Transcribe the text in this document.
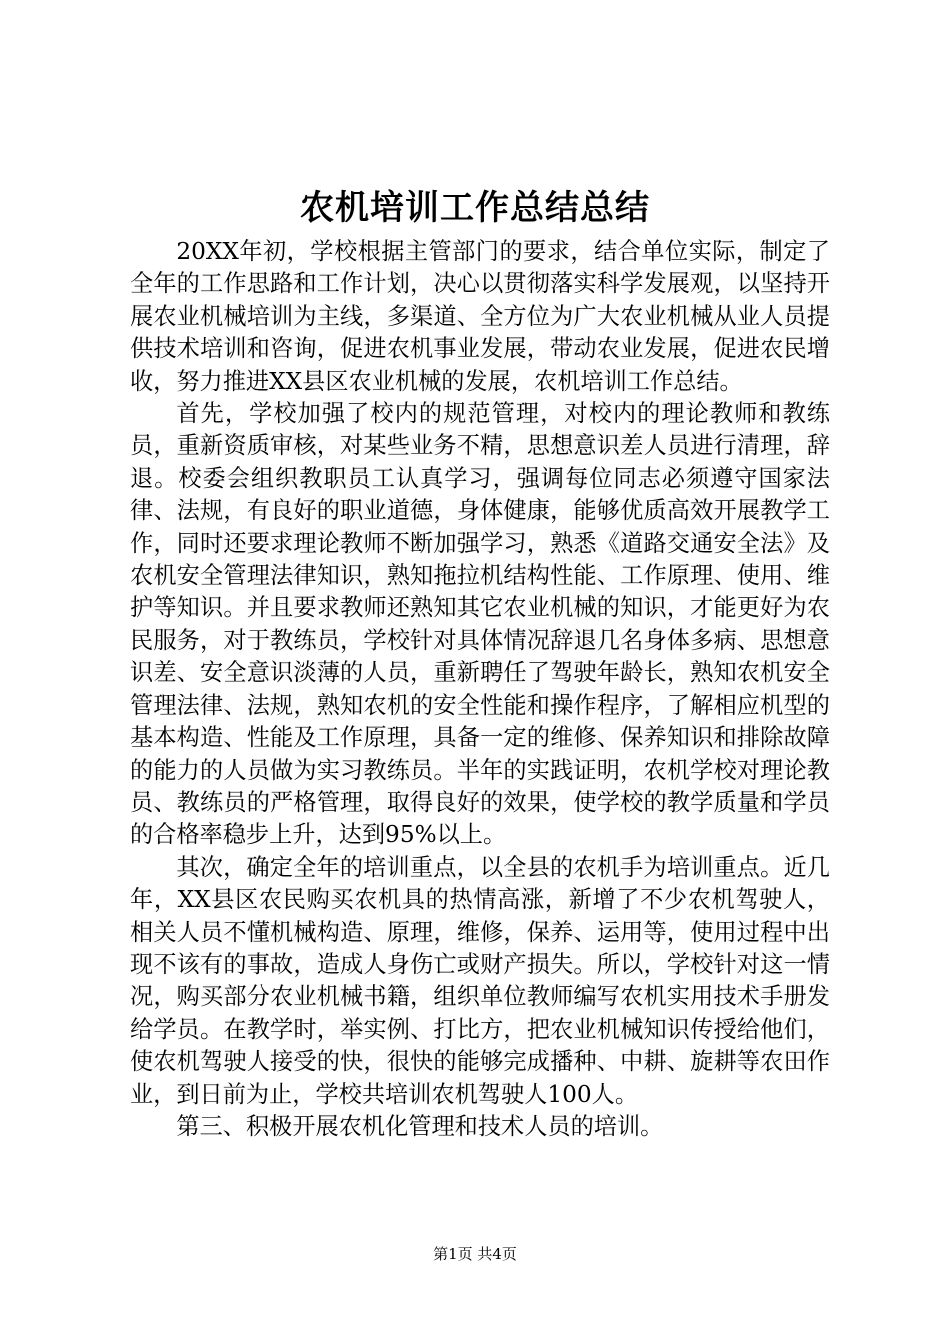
农机培训工作总结总结

20XX年初，学校根据主管部门的要求，结合单位实际，制定了全年的工作思路和工作计划，决心以贯彻落实科学发展观，以坚持开展农业机械培训为主线，多渠道、全方位为广大农业机械从业人员提供技术培训和咨询，促进农机事业发展，带动农业发展，促进农民增收，努力推进XX县区农业机械的发展，农机培训工作总结。

首先，学校加强了校内的规范管理，对校内的理论教师和教练员，重新资质审核，对某些业务不精，思想意识差人员进行清理，辞退。校委会组织教职员工认真学习，强调每位同志必须遵守国家法律、法规，有良好的职业道德，身体健康，能够优质高效开展教学工作，同时还要求理论教师不断加强学习，熟悉《道路交通安全法》及农机安全管理法律知识，熟知拖拉机结构性能、工作原理、使用、维护等知识。并且要求教师还熟知其它农业机械的知识，才能更好为农民服务，对于教练员，学校针对具体情况辞退几名身体多病、思想意识差、安全意识淡薄的人员，重新聘任了驾驶年龄长，熟知农机安全管理法律、法规，熟知农机的安全性能和操作程序，了解相应机型的基本构造、性能及工作原理，具备一定的维修、保养知识和排除故障的能力的人员做为实习教练员。半年的实践证明，农机学校对理论教员、教练员的严格管理，取得良好的效果，使学校的教学质量和学员的合格率稳步上升，达到95%以上。

其次，确定全年的培训重点，以全县的农机手为培训重点。近几年，XX县区农民购买农机具的热情高涨，新增了不少农机驾驶人，相关人员不懂机械构造、原理，维修，保养、运用等，使用过程中出现不该有的事故，造成人身伤亡或财产损失。所以，学校针对这一情况，购买部分农业机械书籍，组织单位教师编写农机实用技术手册发给学员。在教学时，举实例、打比方，把农业机械知识传授给他们，使农机驾驶人接受的快，很快的能够完成播种、中耕、旋耕等农田作业，到日前为止，学校共培训农机驾驶人100人。

第三、积极开展农机化管理和技术人员的培训。

第1页 共4页
